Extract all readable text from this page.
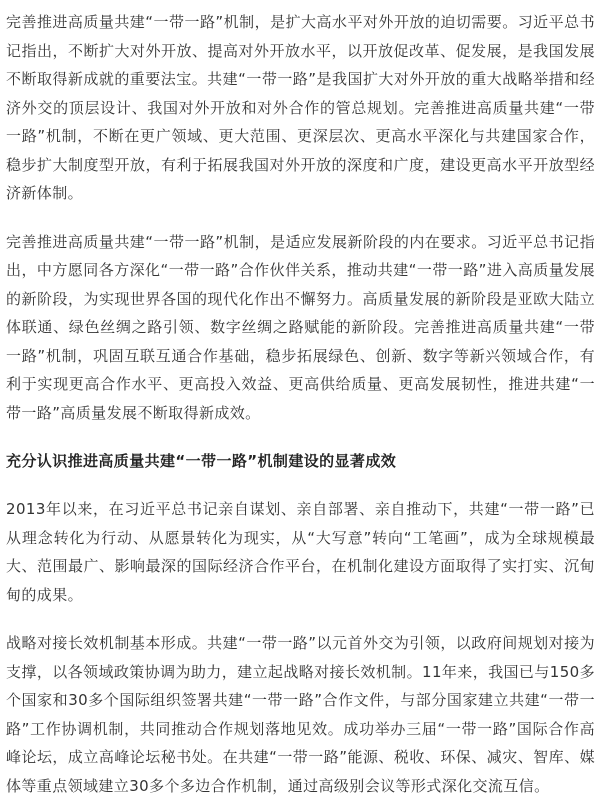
完善推进高质量共建“一带一路”机制，是扩大高水平对外开放的迫切需要。习近平总书记指出，不断扩大对外开放、提高对外开放水平，以开放促改革、促发展，是我国发展不断取得新成就的重要法宝。共建“一带一路”是我国扩大对外开放的重大战略举措和经济外交的顶层设计、我国对外开放和对外合作的管总规划。完善推进高质量共建“一带一路”机制，不断在更广领域、更大范围、更深层次、更高水平深化与共建国家合作，稳步扩大制度型开放，有利于拓展我国对外开放的深度和广度，建设更高水平开放型经济新体制。

完善推进高质量共建“一带一路”机制，是适应发展新阶段的内在要求。习近平总书记指出，中方愿同各方深化“一带一路”合作伙伴关系，推动共建“一带一路”进入高质量发展的新阶段，为实现世界各国的现代化作出不懈努力。高质量发展的新阶段是亚欧大陆立体联通、绿色丝绸之路引领、数字丝绸之路赋能的新阶段。完善推进高质量共建“一带一路”机制，巩固互联互通合作基础，稳步拓展绿色、创新、数字等新兴领域合作，有利于实现更高合作水平、更高投入效益、更高供给质量、更高发展韧性，推进共建“一带一路”高质量发展不断取得新成效。

充分认识推进高质量共建“一带一路”机制建设的显著成效

2013年以来，在习近平总书记亲自谋划、亲自部署、亲自推动下，共建“一带一路”已从理念转化为行动、从愿景转化为现实，从“大写意”转向“工笔画”，成为全球规模最大、范围最广、影响最深的国际经济合作平台，在机制化建设方面取得了实打实、沉甸甸的成果。

战略对接长效机制基本形成。共建“一带一路”以元首外交为引领，以政府间规划对接为支撑，以各领域政策协调为助力，建立起战略对接长效机制。11年来，我国已与150多个国家和30多个国际组织签署共建“一带一路”合作文件，与部分国家建立共建“一带一路”工作协调机制，共同推动合作规划落地见效。成功举办三届“一带一路”国际合作高峰论坛，成立高峰论坛秘书处。在共建“一带一路”能源、税收、环保、减灾、智库、媒体等重点领域建立30多个多边合作机制，通过高级别会议等形式深化交流互信。
